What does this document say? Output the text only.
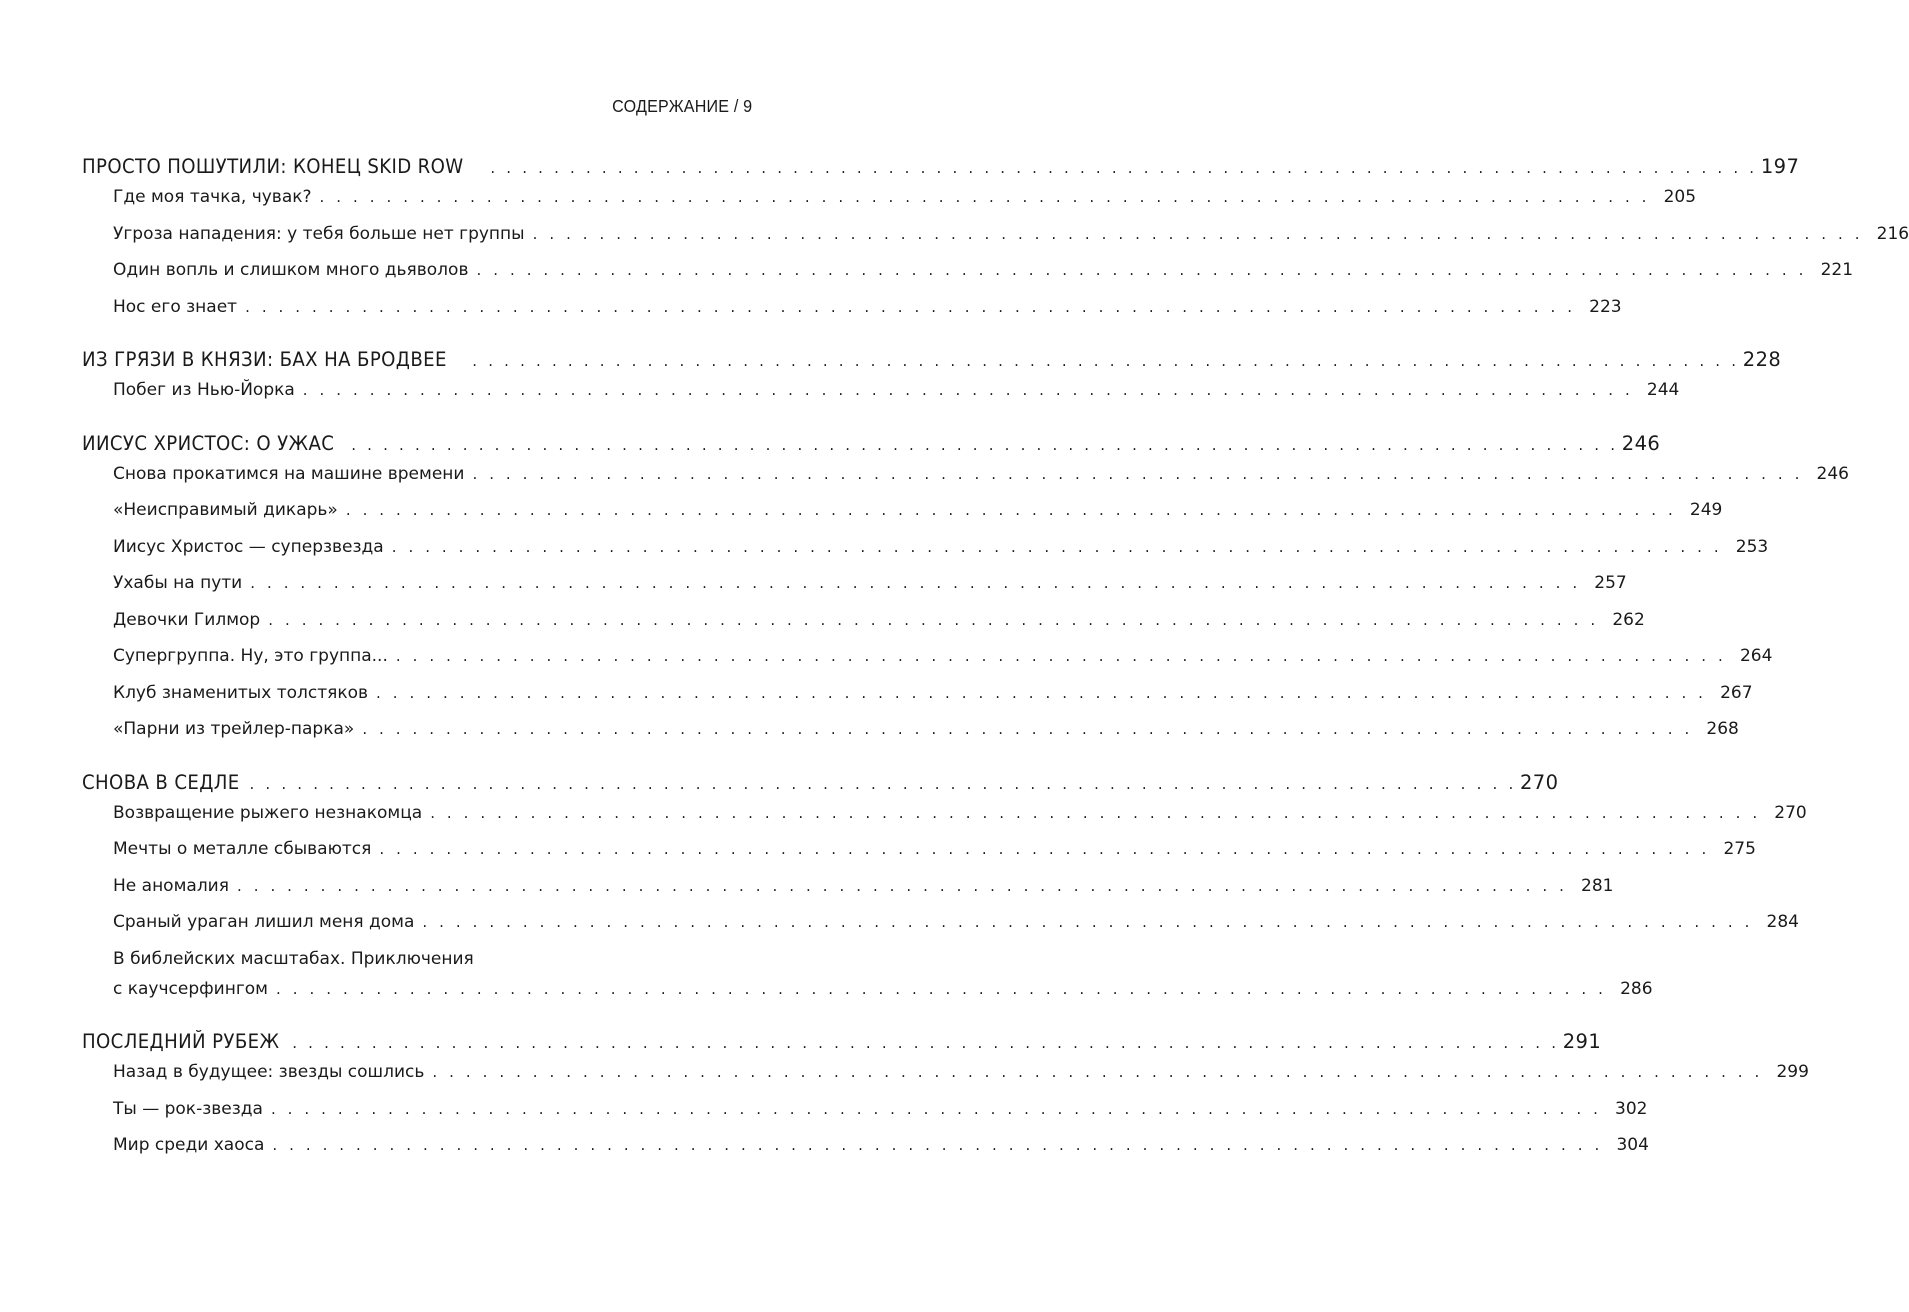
СОДЕРЖАНИЕ / 9
ПРОСТО ПОШУТИЛИ: КОНЕЦ SKID ROW . . . . . . . . . . . . . . . . . . . . . . . . . . . . . . . . . . . . . . . . . . . . . . . . . . . . . . . . . . . . . . . . . . . . . . . . . . . . . . . . 197
Где моя тачка, чувак? . . . . . . . . . . . . . . . . . . . . . . . . . . . . . . . . . . . . . . . . . . . . . . . . . . . . . . . . . . . . . . . . . . . . . . . . . . . . . . . . 205
Угроза нападения: у тебя больше нет группы . . . . . . . . . . . . . . . . . . . . . . . . . . . . . . . . . . . . . . . . . . . . . . . . . . . . . . . . . . . . . . . . . . . . . . . . . . . . . . . . 216
Один вопль и слишком много дьяволов . . . . . . . . . . . . . . . . . . . . . . . . . . . . . . . . . . . . . . . . . . . . . . . . . . . . . . . . . . . . . . . . . . . . . . . . . . . . . . . . 221
Нос его знает . . . . . . . . . . . . . . . . . . . . . . . . . . . . . . . . . . . . . . . . . . . . . . . . . . . . . . . . . . . . . . . . . . . . . . . . . . . . . . . . 223
ИЗ ГРЯЗИ В КНЯЗИ: БАХ НА БРОДВЕЕ . . . . . . . . . . . . . . . . . . . . . . . . . . . . . . . . . . . . . . . . . . . . . . . . . . . . . . . . . . . . . . . . . . . . . . . . . . . . . . . . 228
Побег из Нью-Йорка . . . . . . . . . . . . . . . . . . . . . . . . . . . . . . . . . . . . . . . . . . . . . . . . . . . . . . . . . . . . . . . . . . . . . . . . . . . . . . . . 244
ИИСУС ХРИСТОС: О УЖАС . . . . . . . . . . . . . . . . . . . . . . . . . . . . . . . . . . . . . . . . . . . . . . . . . . . . . . . . . . . . . . . . . . . . . . . . . . . . . . . . 246
Снова прокатимся на машине времени . . . . . . . . . . . . . . . . . . . . . . . . . . . . . . . . . . . . . . . . . . . . . . . . . . . . . . . . . . . . . . . . . . . . . . . . . . . . . . . . 246
«Неисправимый дикарь» . . . . . . . . . . . . . . . . . . . . . . . . . . . . . . . . . . . . . . . . . . . . . . . . . . . . . . . . . . . . . . . . . . . . . . . . . . . . . . . . 249
Иисус Христос — суперзвезда . . . . . . . . . . . . . . . . . . . . . . . . . . . . . . . . . . . . . . . . . . . . . . . . . . . . . . . . . . . . . . . . . . . . . . . . . . . . . . . . 253
Ухабы на пути . . . . . . . . . . . . . . . . . . . . . . . . . . . . . . . . . . . . . . . . . . . . . . . . . . . . . . . . . . . . . . . . . . . . . . . . . . . . . . . . 257
Девочки Гилмор . . . . . . . . . . . . . . . . . . . . . . . . . . . . . . . . . . . . . . . . . . . . . . . . . . . . . . . . . . . . . . . . . . . . . . . . . . . . . . . . 262
Супергруппа. Ну, это группа... . . . . . . . . . . . . . . . . . . . . . . . . . . . . . . . . . . . . . . . . . . . . . . . . . . . . . . . . . . . . . . . . . . . . . . . . . . . . . . . . 264
Клуб знаменитых толстяков . . . . . . . . . . . . . . . . . . . . . . . . . . . . . . . . . . . . . . . . . . . . . . . . . . . . . . . . . . . . . . . . . . . . . . . . . . . . . . . . 267
«Парни из трейлер-парка» . . . . . . . . . . . . . . . . . . . . . . . . . . . . . . . . . . . . . . . . . . . . . . . . . . . . . . . . . . . . . . . . . . . . . . . . . . . . . . . . 268
СНОВА В СЕДЛЕ . . . . . . . . . . . . . . . . . . . . . . . . . . . . . . . . . . . . . . . . . . . . . . . . . . . . . . . . . . . . . . . . . . . . . . . . . . . . . . . . 270
Возвращение рыжего незнакомца . . . . . . . . . . . . . . . . . . . . . . . . . . . . . . . . . . . . . . . . . . . . . . . . . . . . . . . . . . . . . . . . . . . . . . . . . . . . . . . . 270
Мечты о металле сбываются . . . . . . . . . . . . . . . . . . . . . . . . . . . . . . . . . . . . . . . . . . . . . . . . . . . . . . . . . . . . . . . . . . . . . . . . . . . . . . . . 275
Не аномалия . . . . . . . . . . . . . . . . . . . . . . . . . . . . . . . . . . . . . . . . . . . . . . . . . . . . . . . . . . . . . . . . . . . . . . . . . . . . . . . . 281
Сраный ураган лишил меня дома . . . . . . . . . . . . . . . . . . . . . . . . . . . . . . . . . . . . . . . . . . . . . . . . . . . . . . . . . . . . . . . . . . . . . . . . . . . . . . . . 284
В библейских масштабах. Приключения
с каучсерфингом . . . . . . . . . . . . . . . . . . . . . . . . . . . . . . . . . . . . . . . . . . . . . . . . . . . . . . . . . . . . . . . . . . . . . . . . . . . . . . . . 286
ПОСЛЕДНИЙ РУБЕЖ . . . . . . . . . . . . . . . . . . . . . . . . . . . . . . . . . . . . . . . . . . . . . . . . . . . . . . . . . . . . . . . . . . . . . . . . . . . . . . . . 291
Назад в будущее: звезды сошлись . . . . . . . . . . . . . . . . . . . . . . . . . . . . . . . . . . . . . . . . . . . . . . . . . . . . . . . . . . . . . . . . . . . . . . . . . . . . . . . . 299
Ты — рок-звезда . . . . . . . . . . . . . . . . . . . . . . . . . . . . . . . . . . . . . . . . . . . . . . . . . . . . . . . . . . . . . . . . . . . . . . . . . . . . . . . . 302
Мир среди хаоса . . . . . . . . . . . . . . . . . . . . . . . . . . . . . . . . . . . . . . . . . . . . . . . . . . . . . . . . . . . . . . . . . . . . . . . . . . . . . . . . 304
